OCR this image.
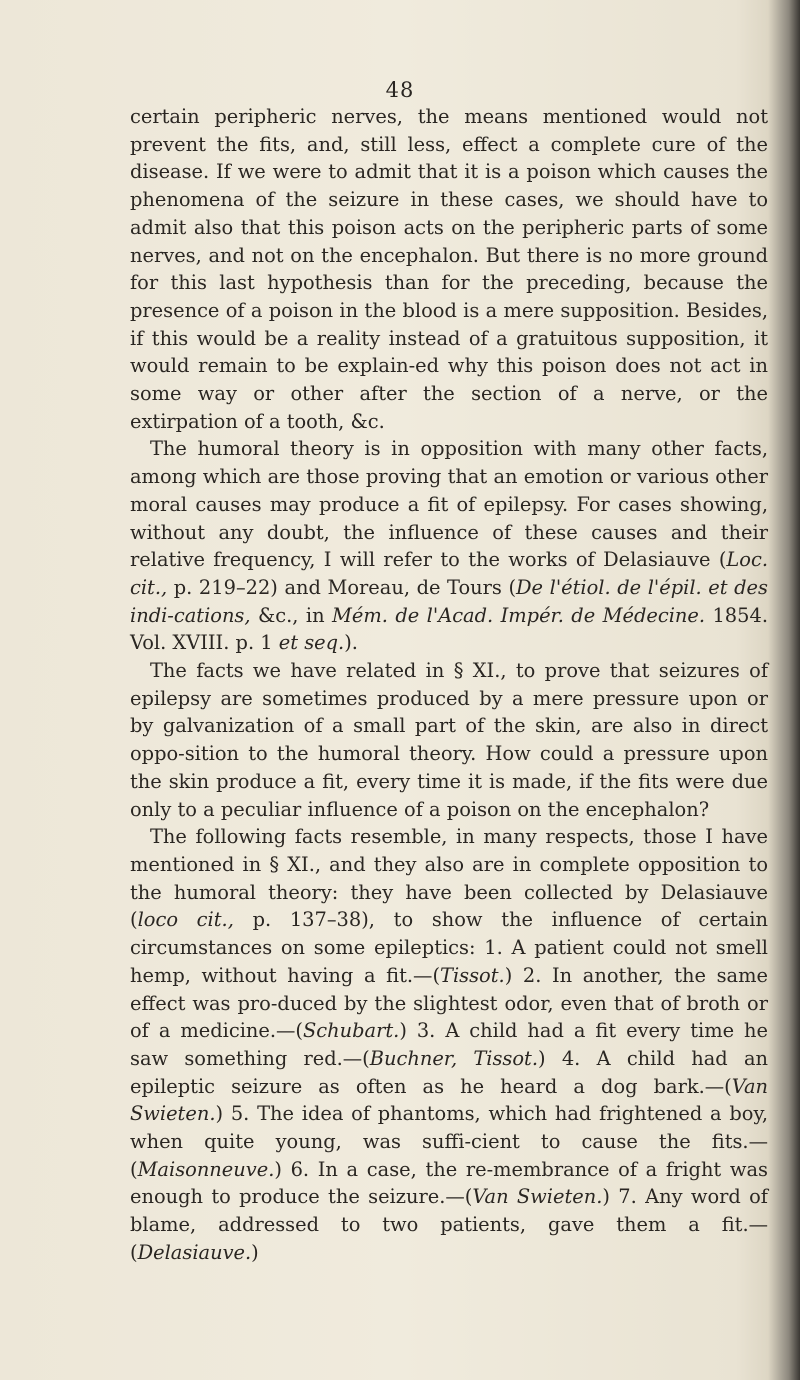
48

certain peripheric nerves, the means mentioned would not prevent the fits, and, still less, effect a complete cure of the disease. If we were to admit that it is a poison which causes the phenomena of the seizure in these cases, we should have to admit also that this poison acts on the peripheric parts of some nerves, and not on the encephalon. But there is no more ground for this last hypothesis than for the preceding, because the presence of a poison in the blood is a mere supposition. Besides, if this would be a reality instead of a gratuitous supposition, it would remain to be explain-ed why this poison does not act in some way or other after the section of a nerve, or the extirpation of a tooth, &c.

The humoral theory is in opposition with many other facts, among which are those proving that an emotion or various other moral causes may produce a fit of epilepsy. For cases showing, without any doubt, the influence of these causes and their relative frequency, I will refer to the works of Delasiauve (Loc. cit., p. 219–22) and Moreau, de Tours (De l'étiol. de l'épil. et des indi-cations, &c., in Mém. de l'Acad. Impér. de Médecine. 1854. Vol. XVIII. p. 1 et seq.).

The facts we have related in § XI., to prove that seizures of epilepsy are sometimes produced by a mere pressure upon or by galvanization of a small part of the skin, are also in direct oppo-sition to the humoral theory. How could a pressure upon the skin produce a fit, every time it is made, if the fits were due only to a peculiar influence of a poison on the encephalon?

The following facts resemble, in many respects, those I have mentioned in § XI., and they also are in complete opposition to the humoral theory: they have been collected by Delasiauve (loco cit., p. 137–38), to show the influence of certain circumstances on some epileptics: 1. A patient could not smell hemp, without having a fit.—(Tissot.) 2. In another, the same effect was pro-duced by the slightest odor, even that of broth or of a medicine.—(Schubart.) 3. A child had a fit every time he saw something red.—(Buchner, Tissot.) 4. A child had an epileptic seizure as often as he heard a dog bark.—(Van Swieten.) 5. The idea of phantoms, which had frightened a boy, when quite young, was suffi-cient to cause the fits.—(Maisonneuve.) 6. In a case, the re-membrance of a fright was enough to produce the seizure.—(Van Swieten.) 7. Any word of blame, addressed to two patients, gave them a fit.—(Delasiauve.)
